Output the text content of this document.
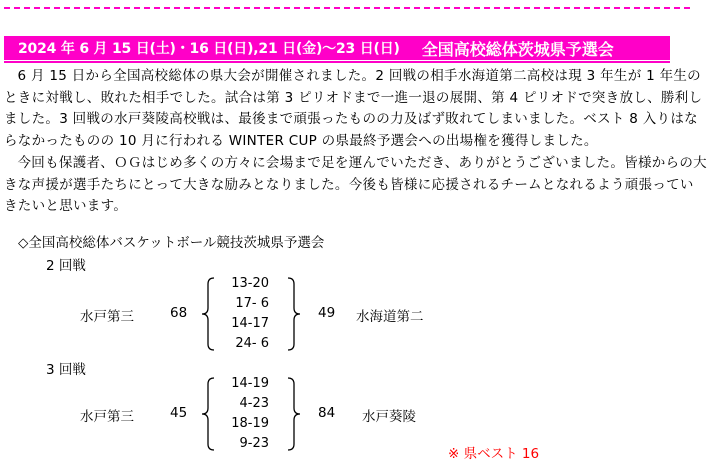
2024 年 6 月 15 日(土)・16 日(日),21 日(金)～23 日(日) 全国高校総体茨城県予選会

6 月 15 日から全国高校総体の県大会が開催されました。2 回戦の相手水海道第二高校は現 3 年生が 1 年生のときに対戦し、敗れた相手でした。試合は第 3 ピリオドまで一進一退の展開、第 4 ピリオドで突き放し、勝利しました。3 回戦の水戸葵陵高校戦は、最後まで頑張ったものの力及ばず敗れてしまいました。ベスト 8 入りはならなかったものの 10 月に行われる WINTER CUP の県最終予選会への出場権を獲得しました。

今回も保護者、ＯＧはじめ多くの方々に会場まで足を運んでいただき、ありがとうございました。皆様からの大きな声援が選手たちにとって大きな励みとなりました。今後も皆様に応援されるチームとなれるよう頑張っていきたいと思います。

◇全国高校総体バスケットボール競技茨城県予選会
2 回戦
水戸第三	68
13-20
17- 6
14-17
24- 6
49 水海道第二
3 回戦
水戸第三	45
14-19
4-23
18-19
9-23
84 水戸葵陵
※ 県ベスト 16
